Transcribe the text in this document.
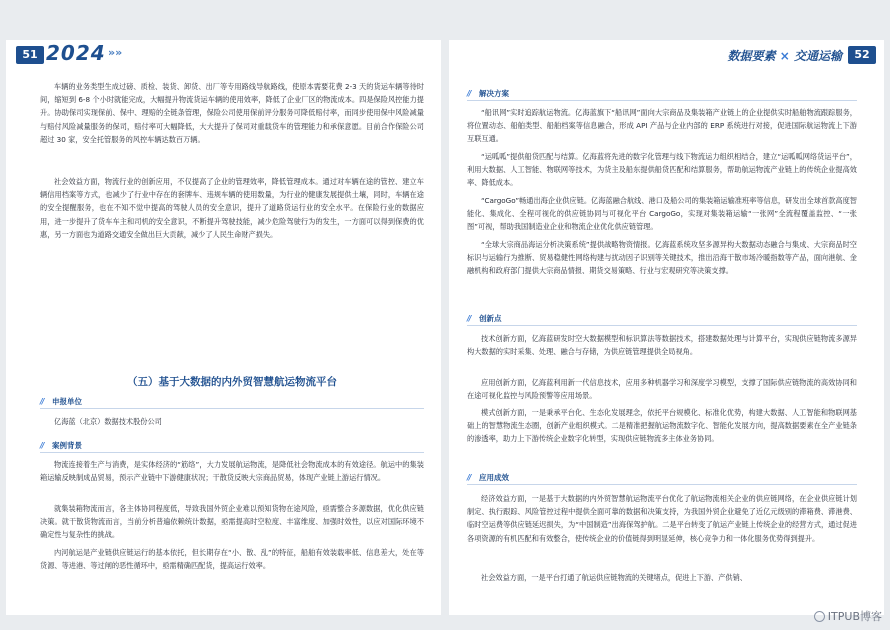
51 2024 »»

车辆的业务类型生成过磅、质检、装货、卸货、出厂等专用路线导航路线，使原本需要花费 2-3 天的货运车辆等待时间，缩短到 6-8 个小时就能完成，大幅提升物流货运车辆的使用效率，降低了企业厂区的物流成本。四是保险风控能力提升。协助保司实现保前、保中、理赔的全链条管理，保险公司使用保前评分服务可降低赔付率，而同步使用保中风险减量与赔付风险减量服务的保司，赔付率可大幅降低，大大提升了保司对重载货车的管理能力和承保意愿。目前合作保险公司超过 30 家，安全托管服务的风控车辆达数百万辆。

社会效益方面，物流行业的创新应用，不仅提高了企业的管理效率，降低管理成本。通过对车辆在途的管控、建立车辆信用档案等方式，也减少了行业中存在的套牌车、违规车辆的使用数量，为行业的健康发展提供土壤，同时，车辆在途的安全提醒服务，也在不知不觉中提高的驾驶人员的安全意识，提升了道路货运行业的安全水平。在保险行业的数据应用，进一步提升了货车车主和司机的安全意识，不断提升驾驶技能，减少危险驾驶行为的发生，一方面可以得到保费的优惠，另一方面也为道路交通安全做出巨大贡献，减少了人民生命财产损失。

（五）基于大数据的内外贸智慧航运物流平台

// 申报单位

亿海蓝（北京）数据技术股份公司

// 案例背景

物流连接着生产与消费，是实体经济的“筋络”，大力发展航运物流，是降低社会物流成本的有效途径。航运中的集装箱运输反映制成品贸易，预示产业链中下游健康状况；干散货反映大宗商品贸易，体现产业链上游运行情况。

就集装箱物流而言，各主体协同程度低，导致我国外贸企业难以预知货物在途风险，亟需整合多源数据，优化供应链决策。就干散货物流而言，当前分析普遍依赖统计数据，亟需提高时空粒度、丰富维度、加强时效性，以应对国际环境不确定性与复杂性的挑战。

内河航运是产业链供应链运行的基本依托，但长期存在“小、散、乱”的特征，船舶有效装载率低、信息差大，处在等货源、等进港、等过闸的恶性循环中，亟需精确匹配货，提高运行效率。

数据要素 × 交通运输	52
// 解决方案

“船讯网”实时追踪航运物流。亿海蓝旗下“船讯网”面向大宗商品及集装箱产业链上的企业提供实时船舶物流跟踪服务，将位置动态、船舶类型、船舶档案等信息融合，形成 API 产品与企业内部的 ERP 系统进行对接，促进国际航运物流上下游互联互通。

“运呱呱”提供船货匹配与结算。亿海蓝将先进的数字化管理与线下物流运力组织相结合，建立“运呱呱网络货运平台”，利用大数据、人工智能、物联网等技术，为货主及船东提供船货匹配和结算服务，帮助航运物流产业链上的传统企业提高效率、降低成本。

“CargoGo”畅通出海企业供应链。亿海蓝融合航线、港口及船公司的集装箱运输准班率等信息，研发出全球首款高度智能化、集成化、全程可视化的供应链协同与可视化平台 CargoGo，实现对集装箱运输“一张网”全流程覆盖监控、“一张图”可视，帮助我国制造业企业和物流企业优化供应链管理。

“全球大宗商品海运分析决策系统”提供战略物资情报。亿海蓝系统攻坚多源异构大数据动态融合与集成、大宗商品时空标识与运输行为推断、贸易稳健性网络构建与扰动因子识别等关键技术，推出沿海干散市场冷暖指数等产品，面向港航、金融机构和政府部门提供大宗商品情报、期货交易策略、行业与宏观研究等决策支撑。

// 创新点

技术创新方面，亿海蓝研发时空大数据模型和标识算法等数据技术，搭建数据处理与计算平台，实现供应链物流多源异构大数据的实时采集、处理、融合与存储，为供应链管理提供全局视角。

应用创新方面，亿海蓝利用新一代信息技术，应用多种机器学习和深度学习模型，支撑了国际供应链物流的高效协同和在途可视化监控与风险预警等应用场景。

模式创新方面，一是秉承平台化、生态化发展理念，依托平台规模化、标准化优势，构建大数据、人工智能和物联网基础上的智慧物流生态圈，创新产业组织模式。二是精准把握航运物流数字化、智能化发展方向，提高数据要素在全产业链条的渗透率，助力上下游传统企业数字化转型，实现供应链物流多主体业务协同。

// 应用成效

经济效益方面，一是基于大数据的内外贸智慧航运物流平台优化了航运物流相关企业的供应链网络，在企业供应链计划制定、执行跟踪、风险管控过程中提供全面可靠的数据和决策支持，为我国外贸企业避免了近亿元级别的滞箱费、滞港费、临时空运费等供应链延迟损失，为“中国制造”出海保驾护航。二是平台转变了航运产业链上传统企业的经营方式，通过促进各项资源的有机匹配和有效整合，使传统企业的价值链得到明显延伸，核心竞争力和一体化服务优势得到提升。

社会效益方面，一是平台打通了航运供应链物流的关键堵点，促进上下游、产供销、

ITPUB博客
